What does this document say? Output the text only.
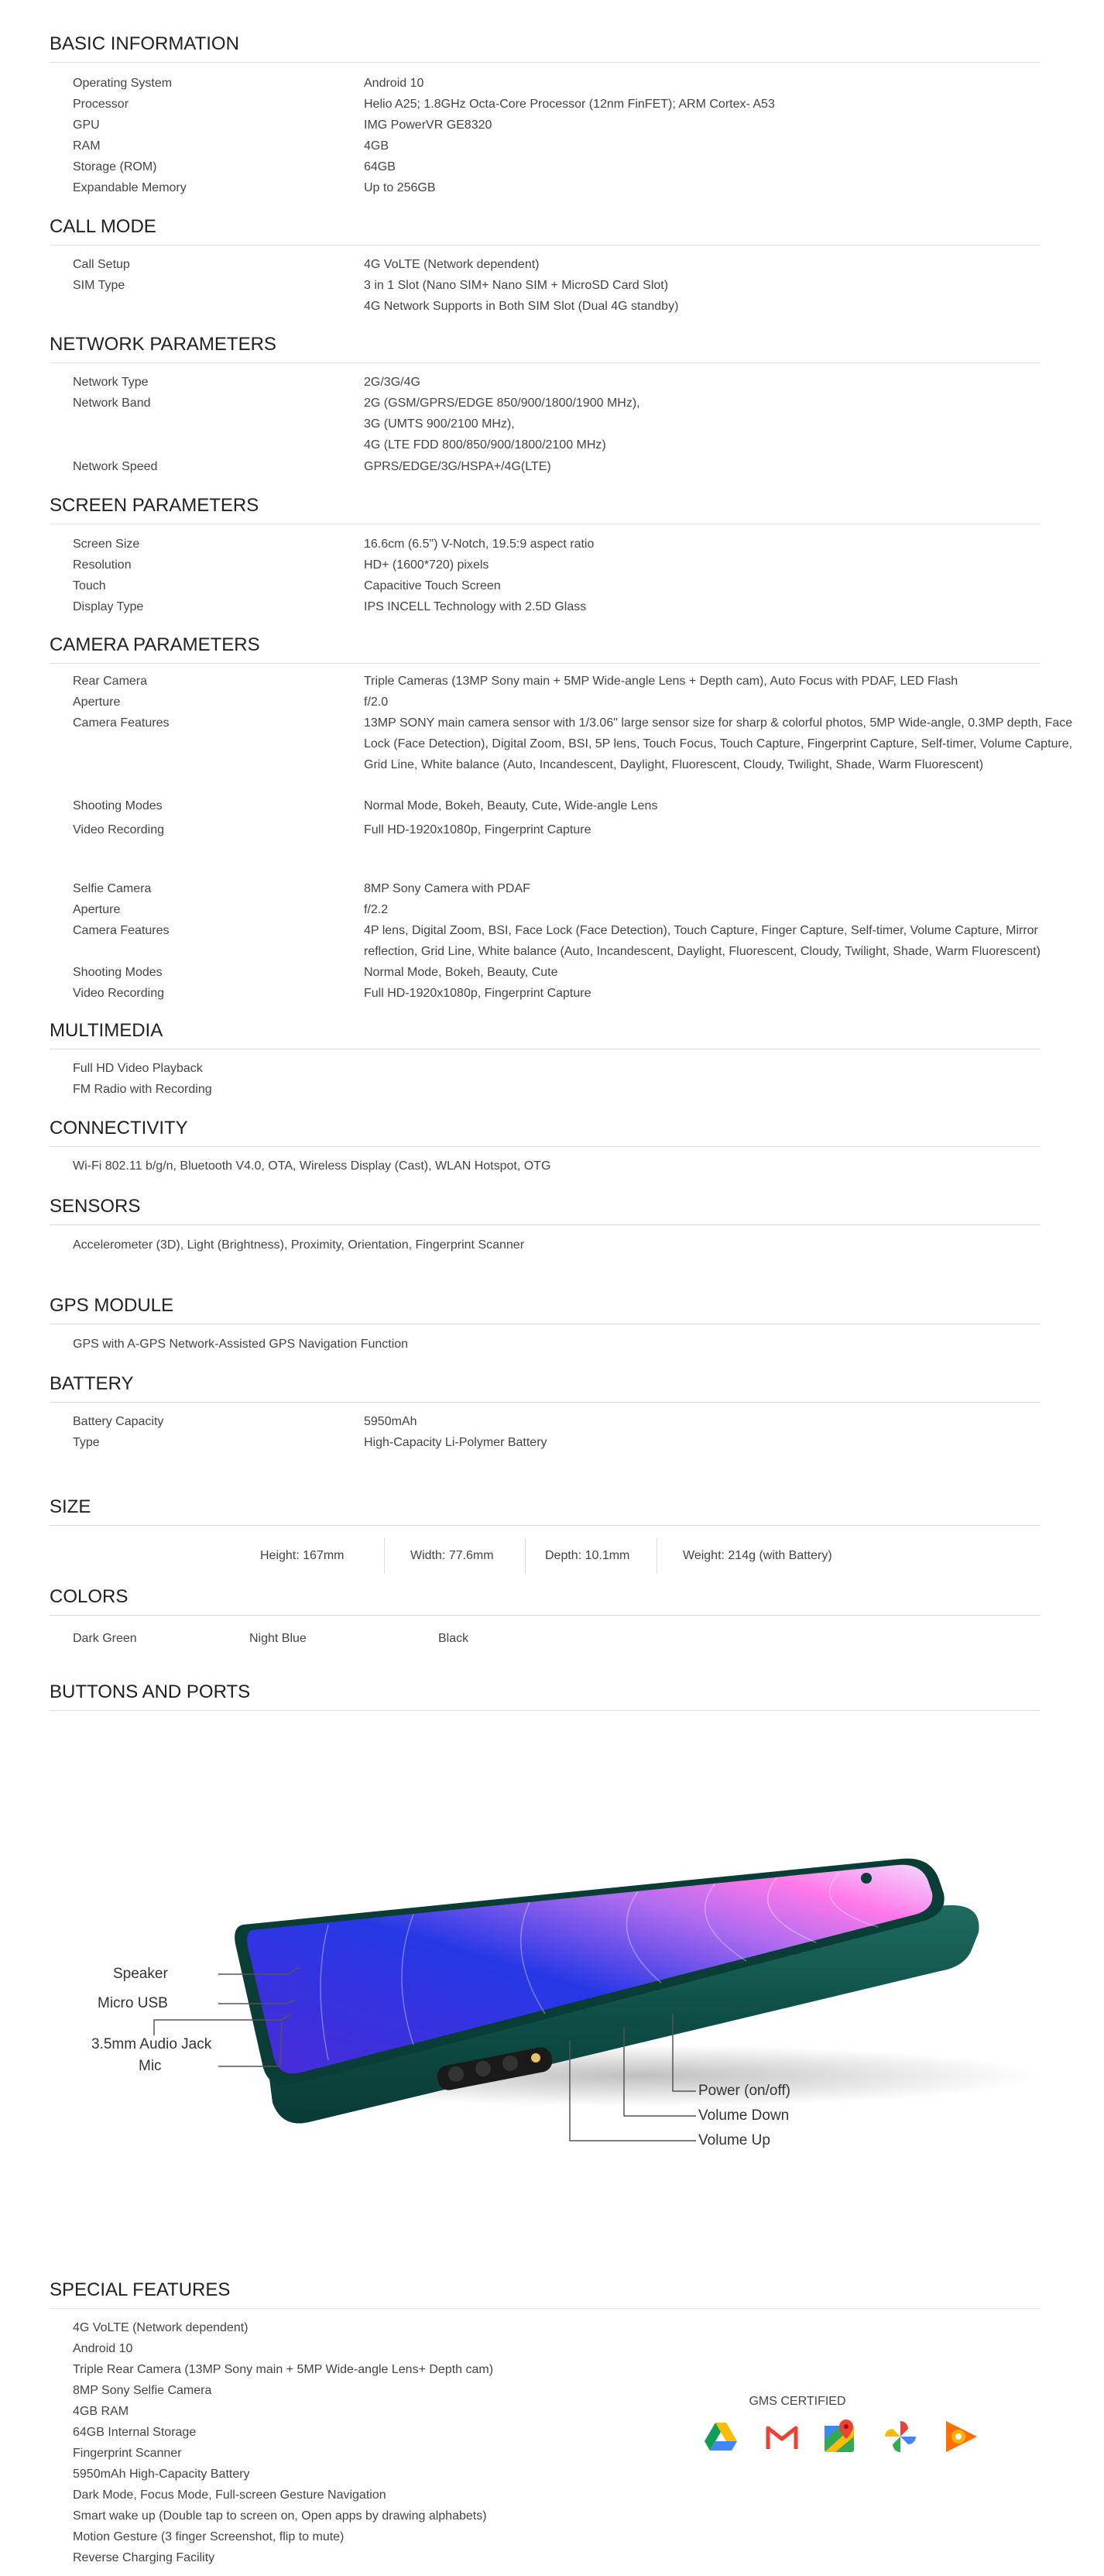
BASIC INFORMATION
Operating System	Android 10
Processor	Helio A25; 1.8GHz Octa-Core Processor (12nm FinFET); ARM Cortex- A53
GPU	IMG PowerVR GE8320
RAM	4GB
Storage (ROM)	64GB
Expandable Memory	Up to 256GB
CALL MODE
Call Setup	4G VoLTE (Network dependent)
SIM Type	3 in 1 Slot (Nano SIM+ Nano SIM + MicroSD Card Slot)
4G Network Supports in Both SIM Slot (Dual 4G standby)
NETWORK PARAMETERS
Network Type	2G/3G/4G
Network Band	2G (GSM/GPRS/EDGE 850/900/1800/1900 MHz),
3G (UMTS 900/2100 MHz),
4G (LTE FDD 800/850/900/1800/2100 MHz)
Network Speed	GPRS/EDGE/3G/HSPA+/4G(LTE)
SCREEN PARAMETERS
Screen Size	16.6cm (6.5") V-Notch, 19.5:9 aspect ratio
Resolution	HD+ (1600*720) pixels
Touch	Capacitive Touch Screen
Display Type	IPS INCELL Technology with 2.5D Glass
CAMERA PARAMETERS
Rear Camera	Triple Cameras (13MP Sony main + 5MP Wide-angle Lens + Depth cam), Auto Focus with PDAF, LED Flash
Aperture	f/2.0
Camera Features	13MP SONY main camera sensor with 1/3.06" large sensor size for sharp & colorful photos, 5MP Wide-angle, 0.3MP depth, Face Lock (Face Detection), Digital Zoom, BSI, 5P lens, Touch Focus, Touch Capture, Fingerprint Capture, Self-timer, Volume Capture, Grid Line, White balance (Auto, Incandescent, Daylight, Fluorescent, Cloudy, Twilight, Shade, Warm Fluorescent)
Shooting Modes	Normal Mode, Bokeh, Beauty, Cute, Wide-angle Lens
Video Recording	Full HD-1920x1080p, Fingerprint Capture
Selfie Camera	8MP Sony Camera with PDAF
Aperture	f/2.2
Camera Features	4P lens, Digital Zoom, BSI, Face Lock (Face Detection), Touch Capture, Finger Capture, Self-timer, Volume Capture, Mirror reflection, Grid Line, White balance (Auto, Incandescent, Daylight, Fluorescent, Cloudy, Twilight, Shade, Warm Fluorescent)
Shooting Modes	Normal Mode, Bokeh, Beauty, Cute
Video Recording	Full HD-1920x1080p, Fingerprint Capture
MULTIMEDIA
Full HD Video Playback
FM Radio with Recording
CONNECTIVITY
Wi-Fi 802.11 b/g/n, Bluetooth V4.0, OTA, Wireless Display (Cast), WLAN Hotspot, OTG
SENSORS
Accelerometer (3D), Light (Brightness), Proximity, Orientation, Fingerprint Scanner
GPS MODULE
GPS with A-GPS Network-Assisted GPS Navigation Function
BATTERY
Battery Capacity	5950mAh
Type	High-Capacity Li-Polymer Battery
SIZE
Height: 167mm	Width: 77.6mm	Depth: 10.1mm	Weight: 214g (with Battery)
COLORS
Dark Green	Night Blue	Black
BUTTONS AND PORTS
Speaker
Micro USB
3.5mm Audio Jack
Mic
Power (on/off)
Volume Down
Volume Up
SPECIAL FEATURES
4G VoLTE (Network dependent)
Android 10
Triple Rear Camera (13MP Sony main + 5MP Wide-angle Lens+ Depth cam)
8MP Sony Selfie Camera
4GB RAM
64GB Internal Storage
Fingerprint Scanner
5950mAh High-Capacity Battery
Dark Mode, Focus Mode, Full-screen Gesture Navigation
Smart wake up (Double tap to screen on, Open apps by drawing alphabets)
Motion Gesture (3 finger Screenshot, flip to mute)
Reverse Charging Facility
GMS CERTIFIED
